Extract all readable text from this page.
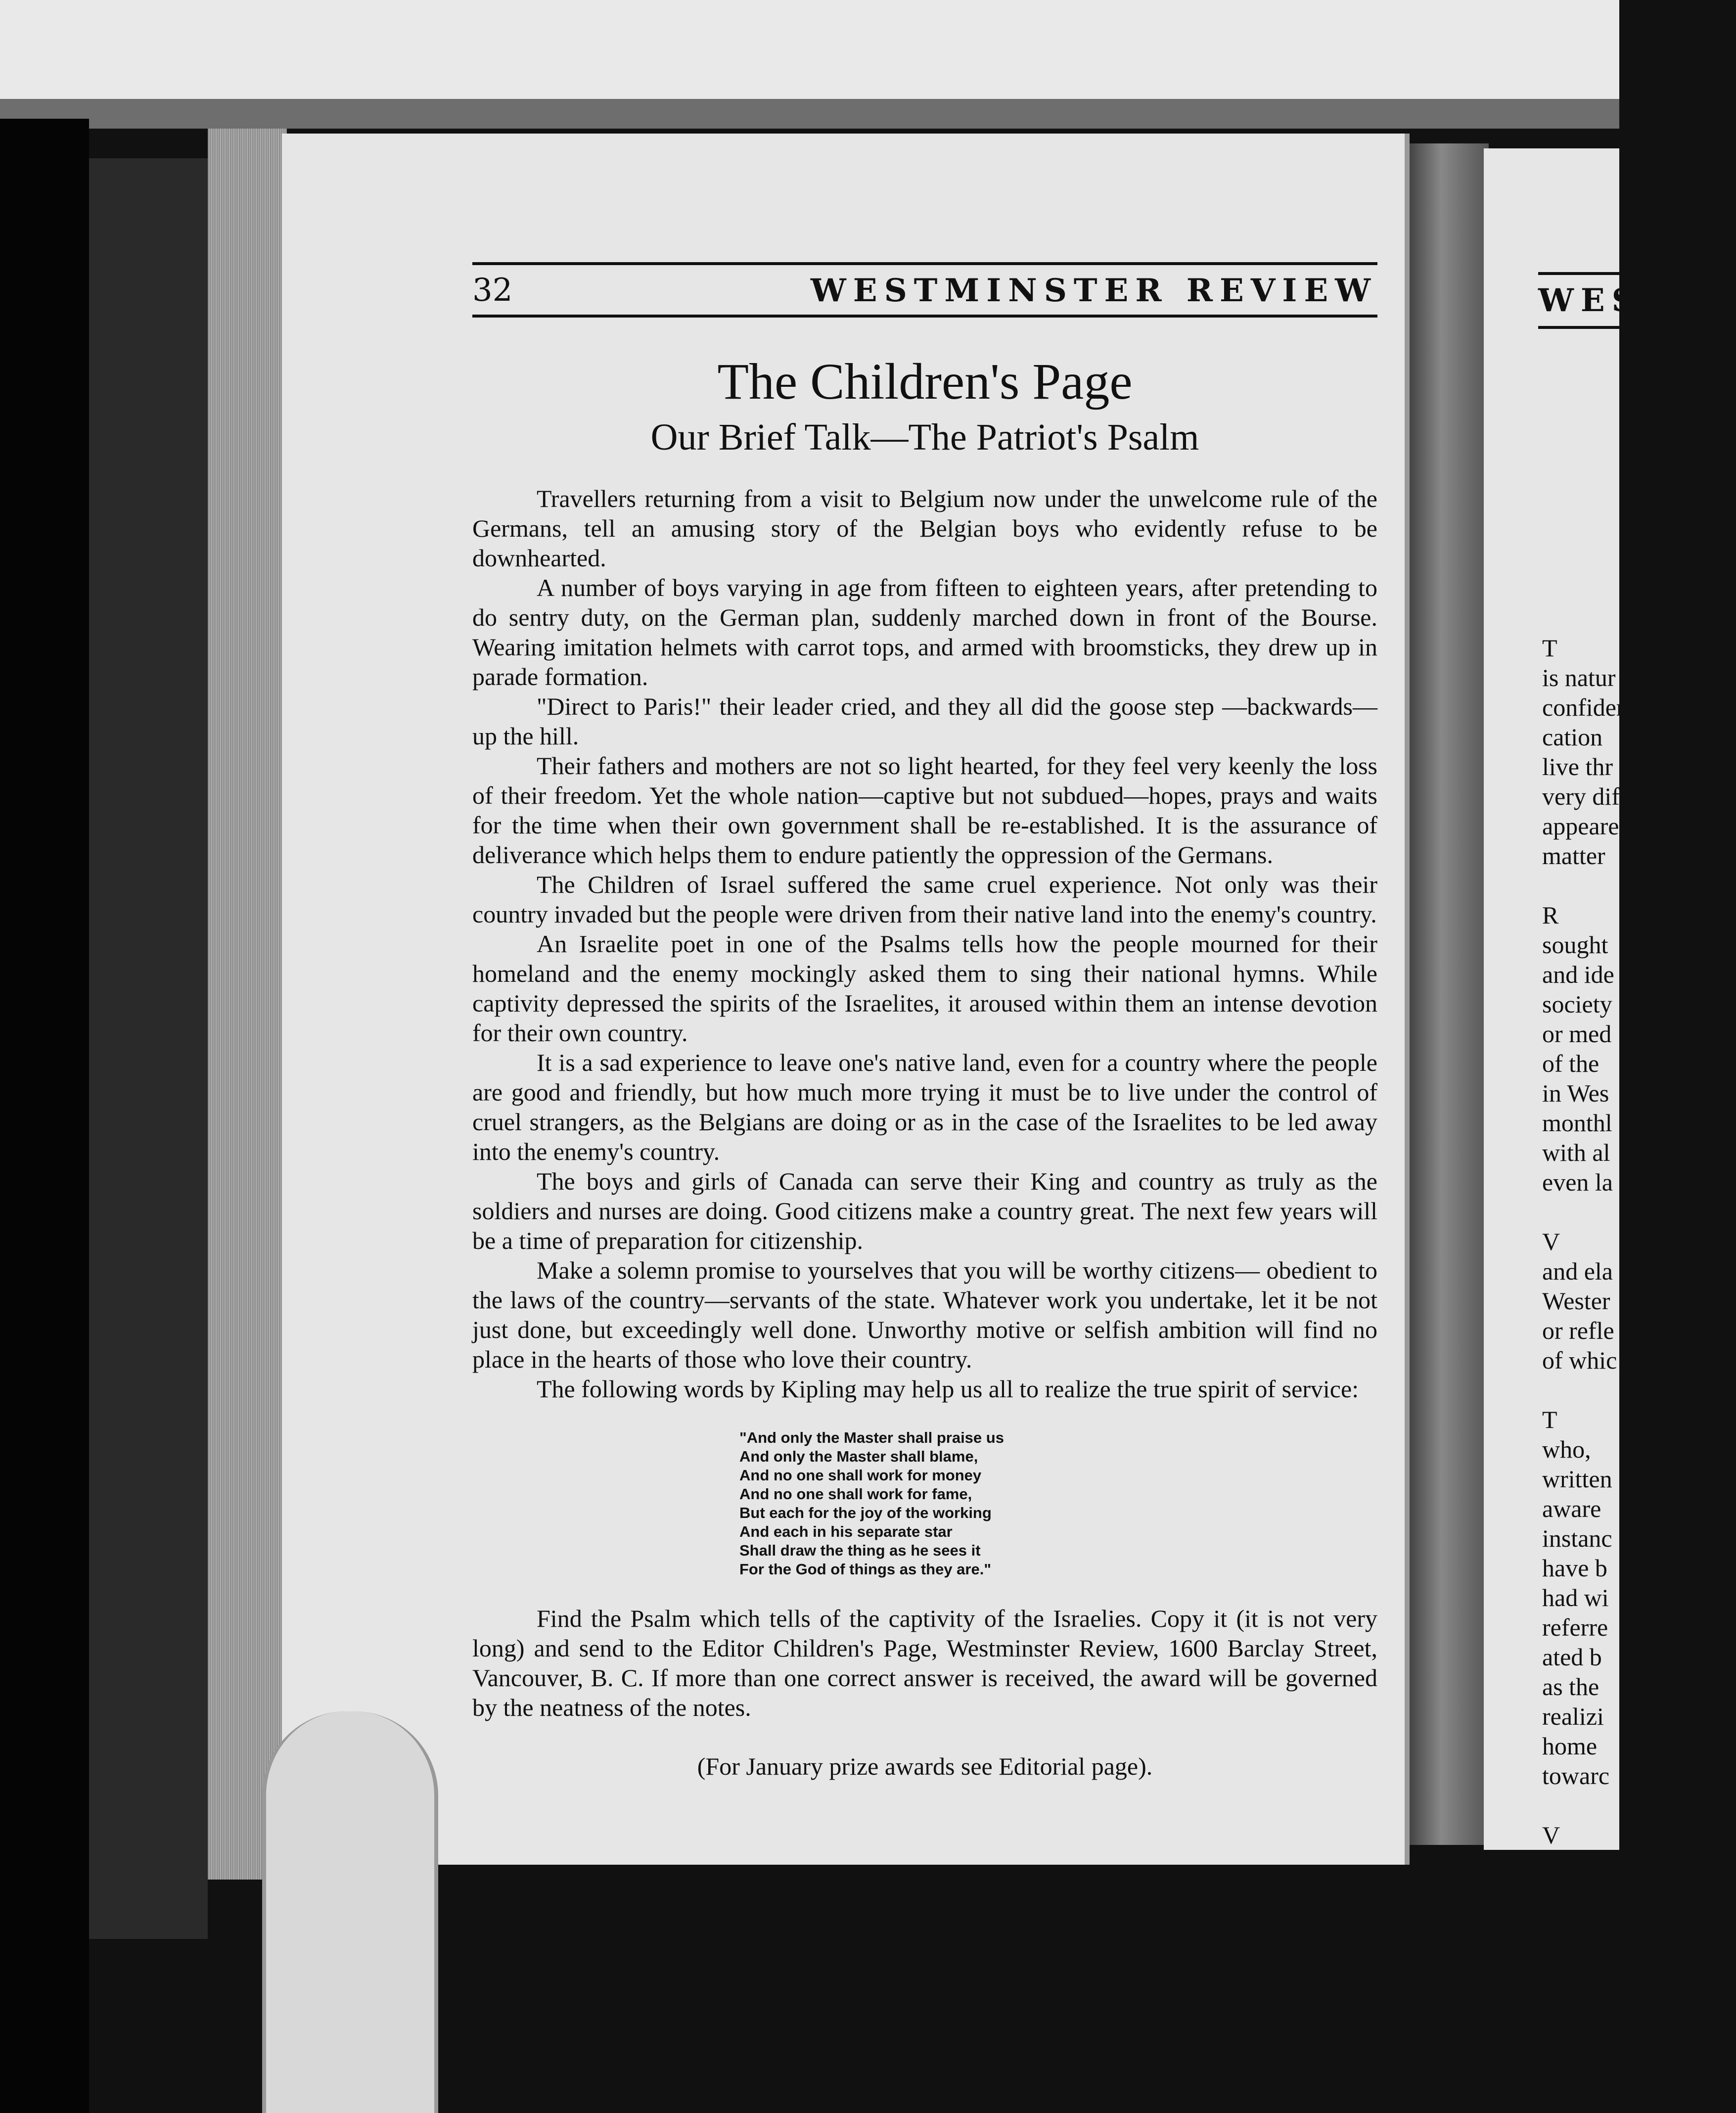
32	WESTMINSTER REVIEW
The Children's Page
Our Brief Talk—The Patriot's Psalm

Travellers returning from a visit to Belgium now under the unwelcome rule of the Germans, tell an amusing story of the Belgian boys who evidently refuse to be downhearted.

A number of boys varying in age from fifteen to eighteen years, after pretending to do sentry duty, on the German plan, suddenly marched down in front of the Bourse. Wearing imitation helmets with carrot tops, and armed with broomsticks, they drew up in parade formation.

"Direct to Paris!" their leader cried, and they all did the goose step —backwards—up the hill.

Their fathers and mothers are not so light hearted, for they feel very keenly the loss of their freedom. Yet the whole nation—captive but not subdued—hopes, prays and waits for the time when their own government shall be re-established. It is the assurance of deliverance which helps them to endure patiently the oppression of the Germans.

The Children of Israel suffered the same cruel experience. Not only was their country invaded but the people were driven from their native land into the enemy's country.

An Israelite poet in one of the Psalms tells how the people mourned for their homeland and the enemy mockingly asked them to sing their national hymns. While captivity depressed the spirits of the Israelites, it aroused within them an intense devotion for their own country.

It is a sad experience to leave one's native land, even for a country where the people are good and friendly, but how much more trying it must be to live under the control of cruel strangers, as the Belgians are doing or as in the case of the Israelites to be led away into the enemy's country.

The boys and girls of Canada can serve their King and country as truly as the soldiers and nurses are doing. Good citizens make a country great. The next few years will be a time of preparation for citizenship.

Make a solemn promise to yourselves that you will be worthy citizens— obedient to the laws of the country—servants of the state. Whatever work you undertake, let it be not just done, but exceedingly well done. Unworthy motive or selfish ambition will find no place in the hearts of those who love their country.

The following words by Kipling may help us all to realize the true spirit of service:

"And only the Master shall praise us
And only the Master shall blame,
And no one shall work for money
And no one shall work for fame,
But each for the joy of the working
And each in his separate star
Shall draw the thing as he sees it
For the God of things as they are."

Find the Psalm which tells of the captivity of the Israelies. Copy it (it is not very long) and send to the Editor Children's Page, Westminster Review, 1600 Barclay Street, Vancouver, B. C. If more than one correct answer is received, the award will be governed by the neatness of the notes.

(For January prize awards see Editorial page).
WES
T
is natur
confider
cation
live thr
very dif
appeare
matter
R
sought
and ide
society
or med
of the
in Wes
monthl
with al
even la
V
and ela
Wester
or refle
of whic
T
who,
written
aware
instanc
have b
had wi
referre
ated b
as the
realizi
home
towarc
V
by its
uncom
ranger
the de
a solic
the co
"prop
